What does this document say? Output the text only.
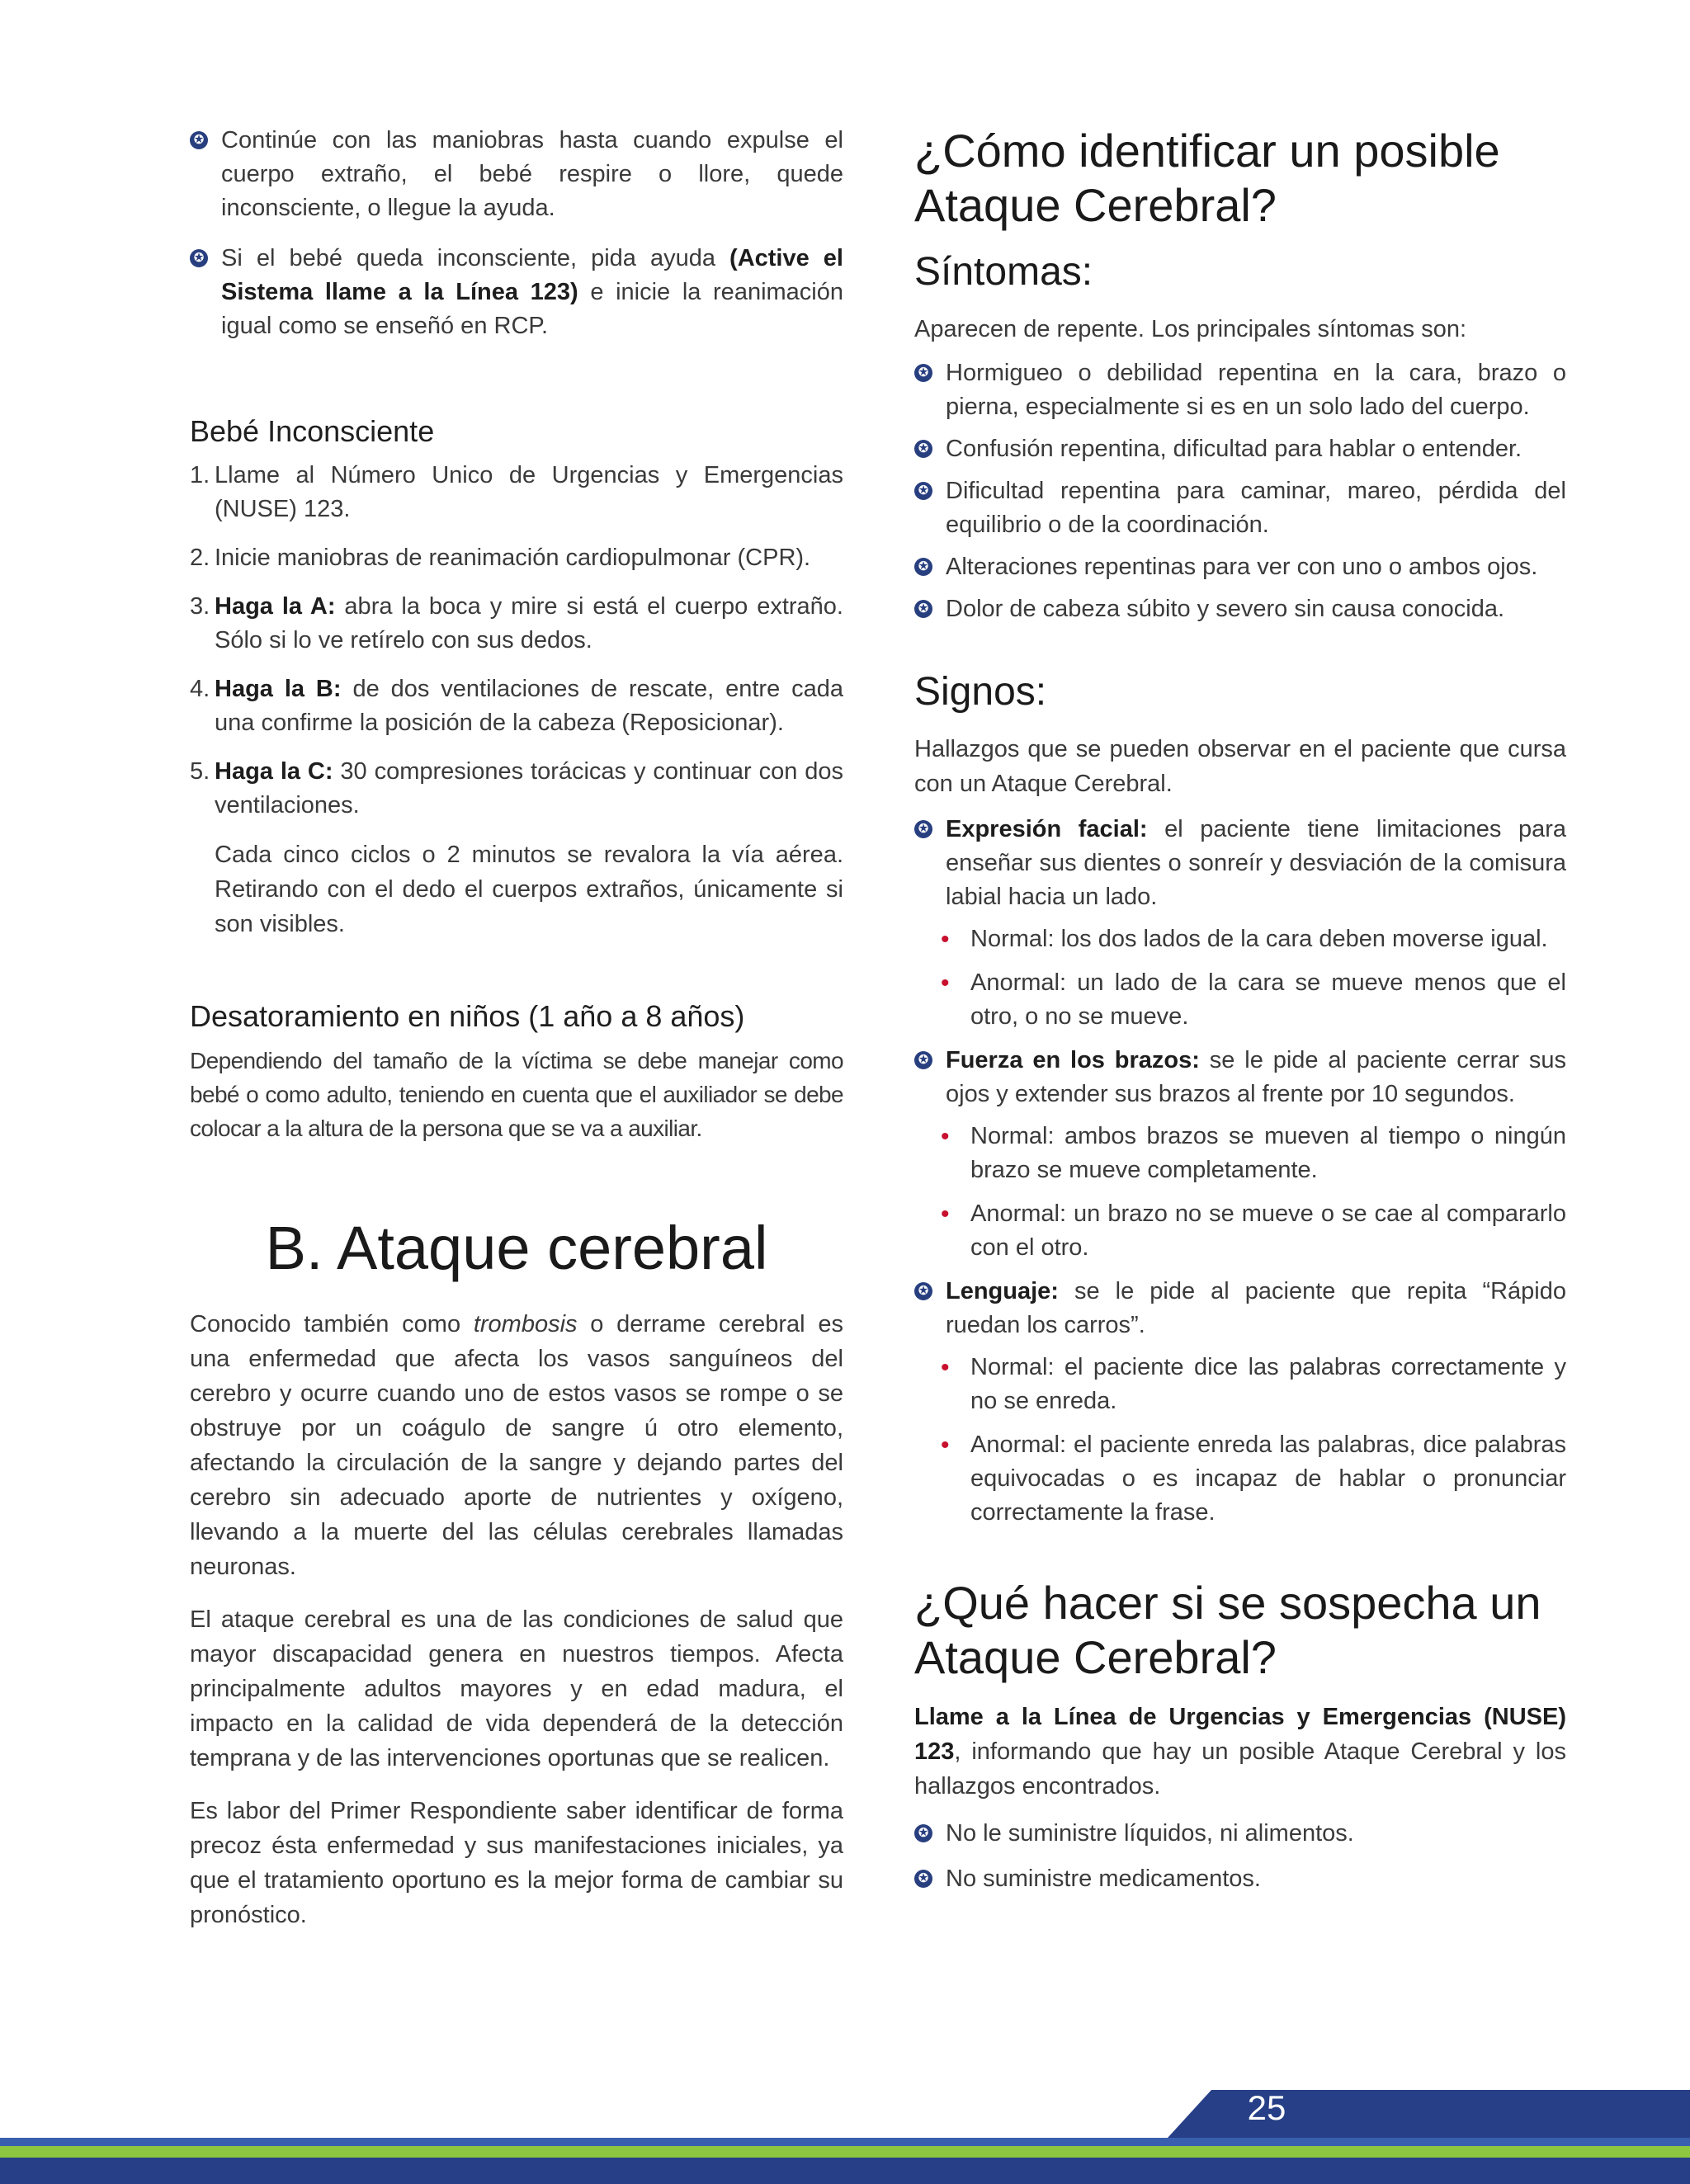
✪ Continúe con las maniobras hasta cuando expulse el cuerpo extraño, el bebé respire o llore, quede inconsciente, o llegue la ayuda.
✪ Si el bebé queda inconsciente, pida ayuda (Active el Sistema llame a la Línea 123) e inicie la reanimación igual como se enseñó en RCP.
Bebé Inconsciente
1. Llame al Número Unico de Urgencias y Emergencias (NUSE) 123.
2. Inicie maniobras de reanimación cardiopulmonar (CPR).
3. Haga la A: abra la boca y mire si está el cuerpo extraño. Sólo si lo ve retírelo con sus dedos.
4. Haga la B: de dos ventilaciones de rescate, entre cada una confirme la posición de la cabeza (Reposicionar).
5. Haga la C: 30 compresiones torácicas y continuar con dos ventilaciones.

Cada cinco ciclos o 2 minutos se revalora la vía aérea. Retirando con el dedo el cuerpos extraños, únicamente si son visibles.

Desatoramiento en niños (1 año a 8 años)

Dependiendo del tamaño de la víctima se debe manejar como bebé o como adulto, teniendo en cuenta que el auxiliador se debe colocar a la altura de la persona que se va a auxiliar.

B. Ataque cerebral

Conocido también como trombosis o derrame cerebral es una enfermedad que afecta los vasos sanguíneos del cerebro y ocurre cuando uno de estos vasos se rompe o se obstruye por un coágulo de sangre ú otro elemento, afectando la circulación de la sangre y dejando partes del cerebro sin adecuado aporte de nutrientes y oxígeno, llevando a la muerte del las células cerebrales llamadas neuronas.

El ataque cerebral es una de las condiciones de salud que mayor discapacidad genera en nuestros tiempos. Afecta principalmente adultos mayores y en edad madura, el impacto en la calidad de vida dependerá de la detección temprana y de las intervenciones oportunas que se realicen.

Es labor del Primer Respondiente saber identificar de forma precoz ésta enfermedad y sus manifestaciones iniciales, ya que el tratamiento oportuno es la mejor forma de cambiar su pronóstico.

¿Cómo identificar un posible Ataque Cerebral?
Síntomas:

Aparecen de repente. Los principales síntomas son:

✪ Hormigueo o debilidad repentina en la cara, brazo o pierna, especialmente si es en un solo lado del cuerpo.
✪ Confusión repentina, dificultad para hablar o entender.
✪ Dificultad repentina para caminar, mareo, pérdida del equilibrio o de la coordinación.
✪ Alteraciones repentinas para ver con uno o ambos ojos.
✪ Dolor de cabeza súbito y severo sin causa conocida.
Signos:

Hallazgos que se pueden observar en el paciente que cursa con un Ataque Cerebral.

✪ Expresión facial: el paciente tiene limitaciones para enseñar sus dientes o sonreír y desviación de la comisura labial hacia un lado.
• Normal: los dos lados de la cara deben moverse igual.
• Anormal: un lado de la cara se mueve menos que el otro, o no se mueve.
✪ Fuerza en los brazos: se le pide al paciente cerrar sus ojos y extender sus brazos al frente por 10 segundos.
• Normal: ambos brazos se mueven al tiempo o ningún brazo se mueve completamente.
• Anormal: un brazo no se mueve o se cae al compararlo con el otro.
✪ Lenguaje: se le pide al paciente que repita “Rápido ruedan los carros”.
• Normal: el paciente dice las palabras correctamente y no se enreda.
• Anormal: el paciente enreda las palabras, dice palabras equivocadas o es incapaz de hablar o pronunciar correctamente la frase.
¿Qué hacer si se sospecha un Ataque Cerebral?

Llame a la Línea de Urgencias y Emergencias (NUSE) 123, informando que hay un posible Ataque Cerebral y los hallazgos encontrados.

✪ No le suministre líquidos, ni alimentos.
✪ No suministre medicamentos.
25
